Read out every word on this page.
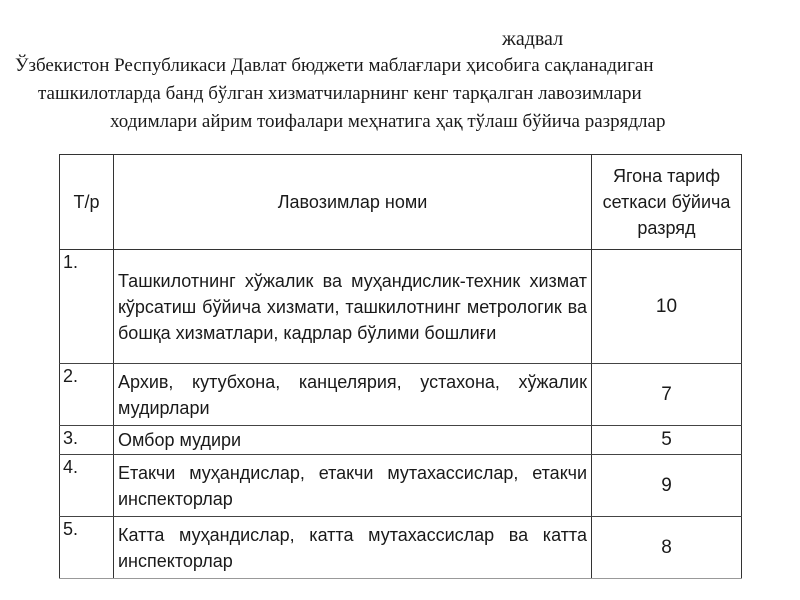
жадвал
Ўзбекистон Республикаси Давлат бюджети маблағлари ҳисобига сақланадиган
ташкилотларда банд бўлган хизматчиларнинг кенг тарқалган лавозимлари
ходимлари айрим тоифалари меҳнатига ҳақ тўлаш бўйича разрядлар
Т/р	Лавозимлар номи	Ягона тариф сеткаси бўйича разряд
1.	Ташкилотнинг хўжалик ва муҳандислик-техник хизмат кўрсатиш бўйича хизмати, ташкилотнинг метрологик ва бошқа хизматлари, кадрлар бўлими бошлиғи	10
2.	Архив, кутубхона, канцелярия, устахона, хўжалик мудирлари	7
3.	Омбор мудири	5
4.	Етакчи муҳандислар, етакчи мутахассислар, етакчи инспекторлар	9
5.	Катта муҳандислар, катта мутахассислар ва катта инспекторлар	8
